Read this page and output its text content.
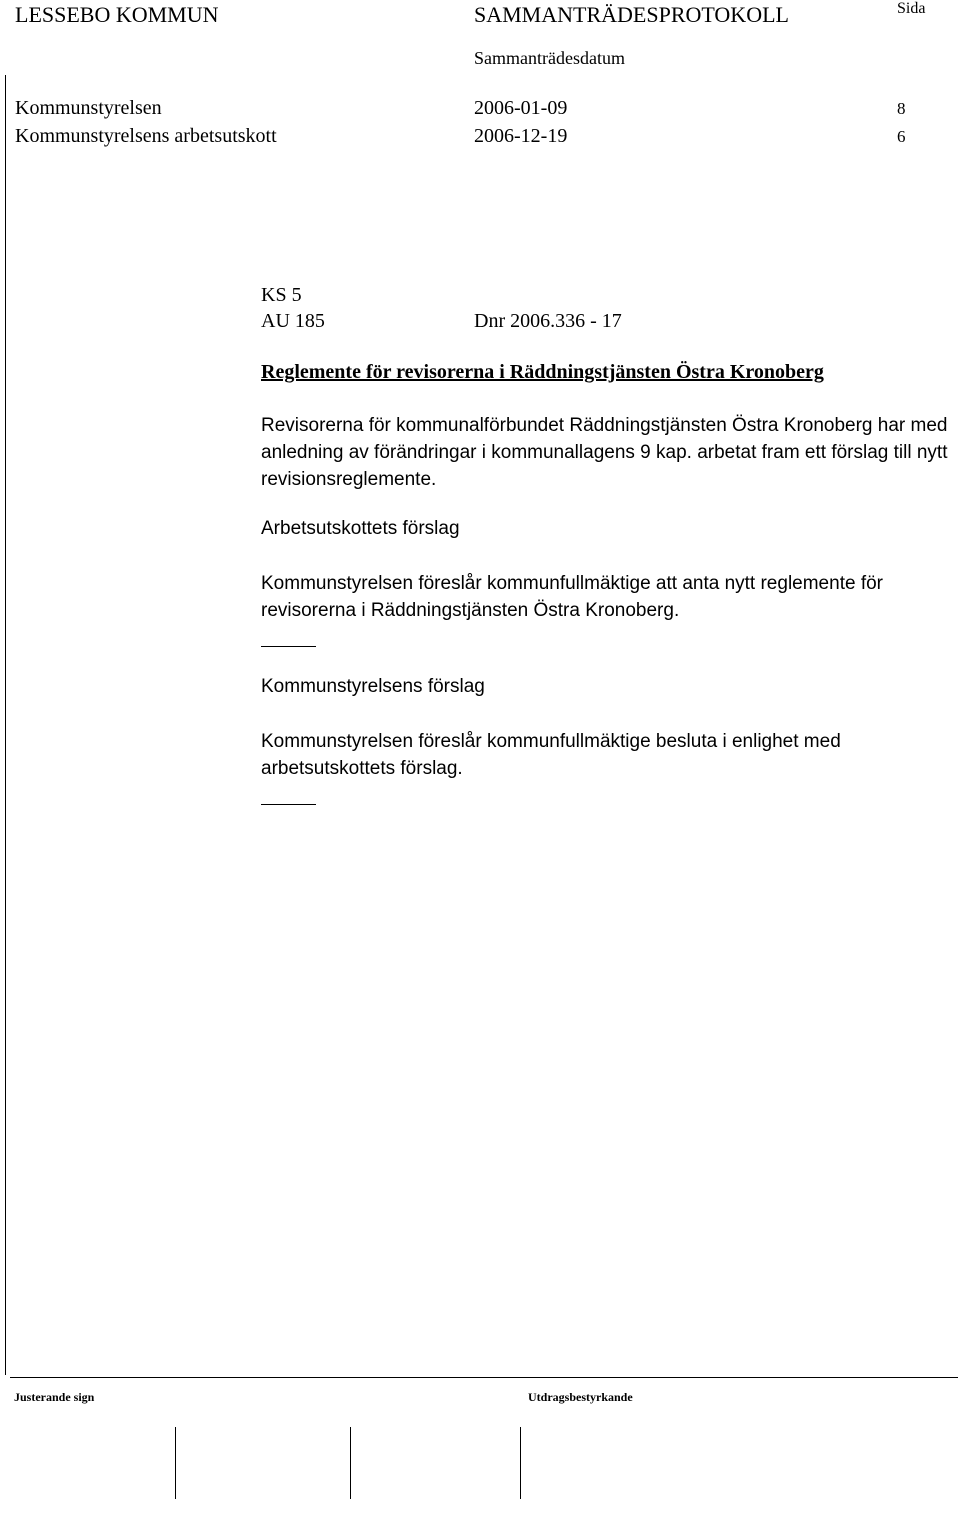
LESSEBO KOMMUN	SAMMANTRÄDESPROTOKOLL	Sida
Sammanträdesdatum
Kommunstyrelsen	2006-01-09	8
Kommunstyrelsens arbetsutskott	2006-12-19	6
KS 5
AU 185	Dnr 2006.336 - 17
Reglemente för revisorerna i Räddningstjänsten Östra Kronoberg
Revisorerna för kommunalförbundet Räddningstjänsten Östra Kronoberg har med anledning av förändringar i kommunallagens 9 kap. arbetat fram ett förslag till nytt revisionsreglemente.
Arbetsutskottets förslag
Kommunstyrelsen föreslår kommunfullmäktige att anta nytt reglemente för revisorerna i Räddningstjänsten Östra Kronoberg.
Kommunstyrelsens förslag
Kommunstyrelsen föreslår kommunfullmäktige besluta i enlighet med arbetsutskottets förslag.
Justerande sign	Utdragsbestyrkande
